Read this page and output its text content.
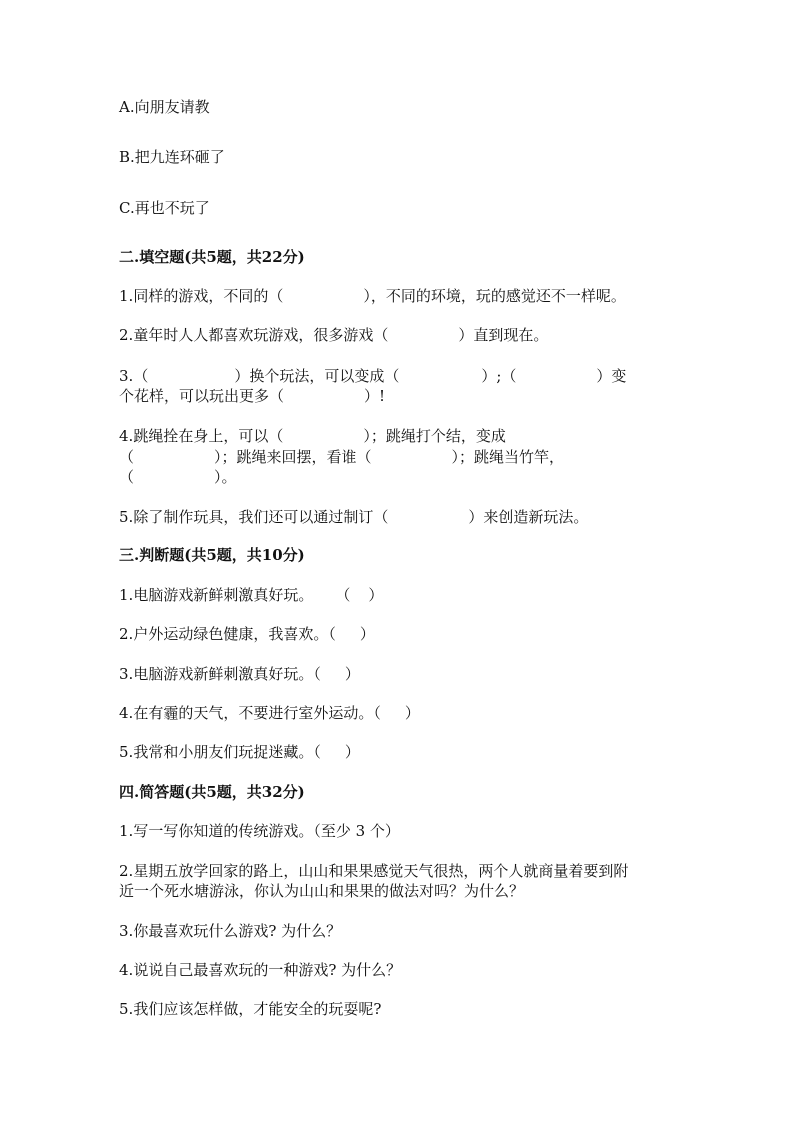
A.向朋友请教
B.把九连环砸了
C.再也不玩了
二.填空题(共5题，共22分)
1.同样的游戏，不同的（	），不同的环境，玩的感觉还不一样呢。
2.童年时人人都喜欢玩游戏，很多游戏（	）直到现在。
3.（	）换个玩法，可以变成（	）;（	）变
个花样，可以玩出更多（	）!
4.跳绳拴在身上，可以（	）；跳绳打个结，变成
（	）；跳绳来回摆，看谁（	）；跳绳当竹竿，
（	）。
5.除了制作玩具，我们还可以通过制订（	）来创造新玩法。
三.判断题(共5题，共10分)
1.电脑游戏新鲜刺激真好玩。 （ ）
2.户外运动绿色健康，我喜欢。（ ）
3.电脑游戏新鲜刺激真好玩。（ ）
4.在有霾的天气，不要进行室外运动。（ ）
5.我常和小朋友们玩捉迷藏。（ ）
四.简答题(共5题，共32分)
1.写一写你知道的传统游戏。（至少 3 个）
2.星期五放学回家的路上，山山和果果感觉天气很热，两个人就商量着要到附
近一个死水塘游泳，你认为山山和果果的做法对吗？为什么？
3.你最喜欢玩什么游戏? 为什么？
4.说说自己最喜欢玩的一种游戏? 为什么？
5.我们应该怎样做，才能安全的玩耍呢?
